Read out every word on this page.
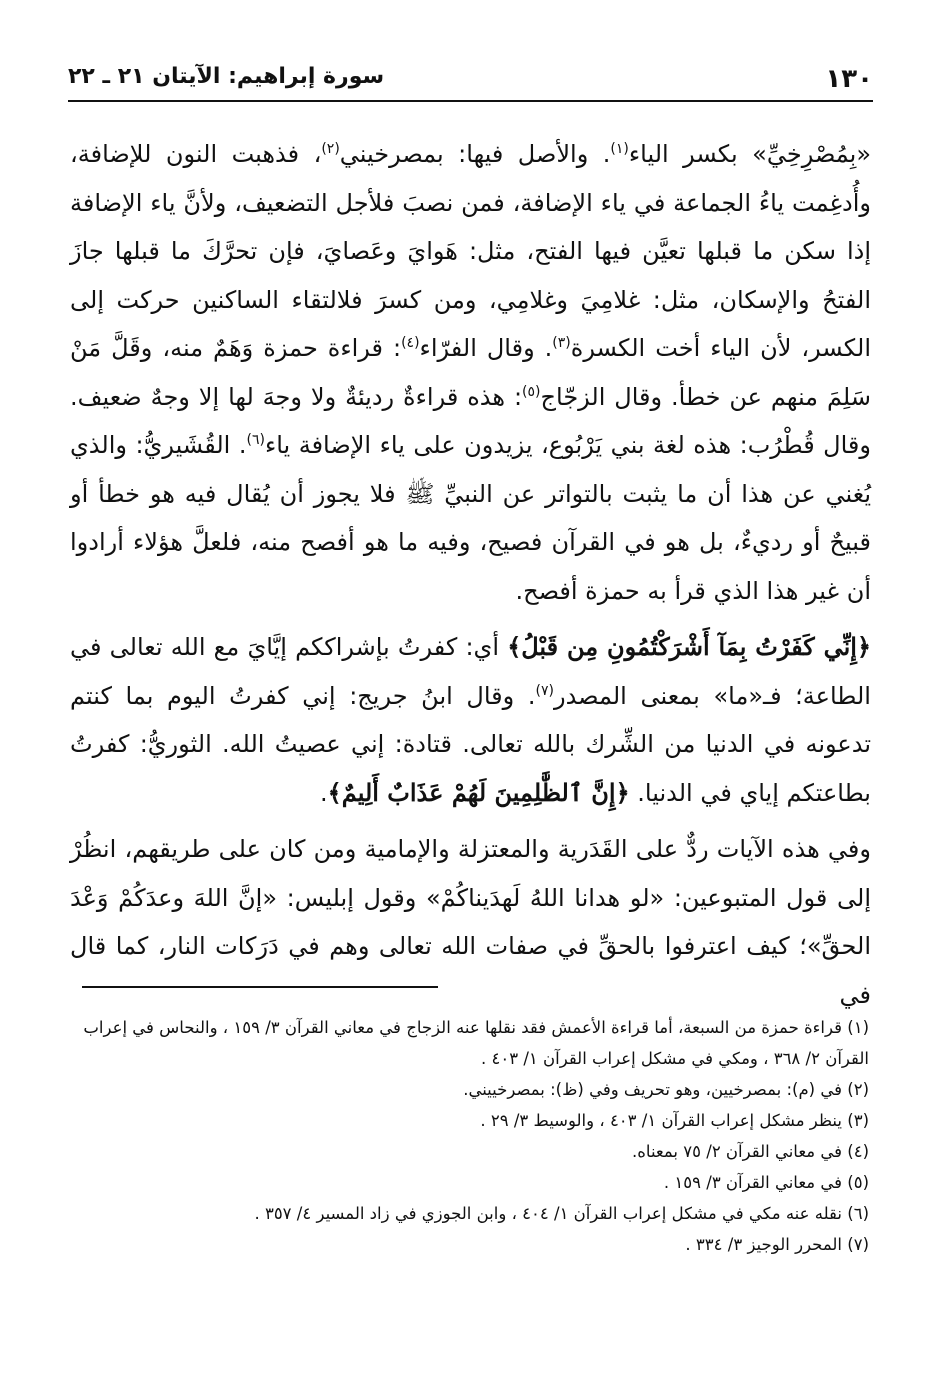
١٣٠
سورة إبراهيم: الآيتان ٢١ ـ ٢٢

«بِمُصْرِخِيِّ» بكسر الياء$^{(١)}$. والأصل فيها: بمصرخيني$^{(٢)}$، فذهبت النون للإضافة، وأُدغِمت ياءُ الجماعة في ياء الإضافة، فمن نصبَ فلأجل التضعيف، ولأنَّ ياء الإضافة إذا سكن ما قبلها تعيَّن فيها الفتح، مثل: هَوايَ وعَصايَ، فإن تحرَّكَ ما قبلها جازَ الفتحُ والإسكان، مثل: غلامِيَ وغلامِي، ومن كسرَ فلالتقاء الساكنين حركت إلى الكسر، لأن الياء أخت الكسرة$^{(٣)}$. وقال الفرّاء$^{(٤)}$: قراءة حمزة وَهَمٌ منه، وقَلَّ مَنْ سَلِمَ منهم عن خطأ. وقال الزجّاج$^{(٥)}$: هذه قراءةٌ رديئةٌ ولا وجهَ لها إلا وجهٌ ضعيف. وقال قُطْرُب: هذه لغة بني يَرْبُوع، يزيدون على ياء الإضافة ياء$^{(٦)}$. القُشَيريُّ: والذي يُغني عن هذا أن ما يثبت بالتواتر عن النبيِّ ﷺ فلا يجوز أن يُقال فيه هو خطأ أو قبيحٌ أو رديءٌ، بل هو في القرآن فصيح، وفيه ما هو أفصح منه، فلعلَّ هؤلاء أرادوا أن غير هذا الذي قرأ به حمزة أفصح.

﴿إِنِّي كَفَرْتُ بِمَآ أَشْرَكْتُمُونِ مِن قَبْلُ﴾ أي: كفرتُ بإشراككم إيَّايَ مع الله تعالى في الطاعة؛ فـ«ما» بمعنى المصدر$^{(٧)}$. وقال ابنُ جريج: إني كفرتُ اليوم بما كنتم تدعونه في الدنيا من الشِّرك بالله تعالى. قتادة: إني عصيتُ الله. الثوريُّ: كفرتُ بطاعتكم إياي في الدنيا. ﴿إِنَّ ٱلظَّٰلِمِينَ لَهُمْ عَذَابٌ أَلِيمٌ﴾.

وفي هذه الآيات ردٌّ على القَدَرية والمعتزلة والإمامية ومن كان على طريقهم، انظُرْ إلى قول المتبوعين: «لو هدانا اللهُ لَهدَيناكُمْ» وقول إبليس: «إنَّ اللهَ وعدَكُمْ وَعْدَ الحقِّ»؛ كيف اعترفوا بالحقِّ في صفات الله تعالى وهم في دَرَكات النار، كما قال في

(١) قراءة حمزة من السبعة، أما قراءة الأعمش فقد نقلها عنه الزجاج في معاني القرآن ٣/ ١٥٩ ، والنحاس في إعراب القرآن ٢/ ٣٦٨ ، ومكي في مشكل إعراب القرآن ١/ ٤٠٣ .

(٢) في (م): بمصرخيين، وهو تحريف وفي (ظ): بمصرخييني.

(٣) ينظر مشكل إعراب القرآن ١/ ٤٠٣ ، والوسيط ٣/ ٢٩ .

(٤) في معاني القرآن ٢/ ٧٥ بمعناه.

(٥) في معاني القرآن ٣/ ١٥٩ .

(٦) نقله عنه مكي في مشكل إعراب القرآن ١/ ٤٠٤ ، وابن الجوزي في زاد المسير ٤/ ٣٥٧ .

(٧) المحرر الوجيز ٣/ ٣٣٤ .
